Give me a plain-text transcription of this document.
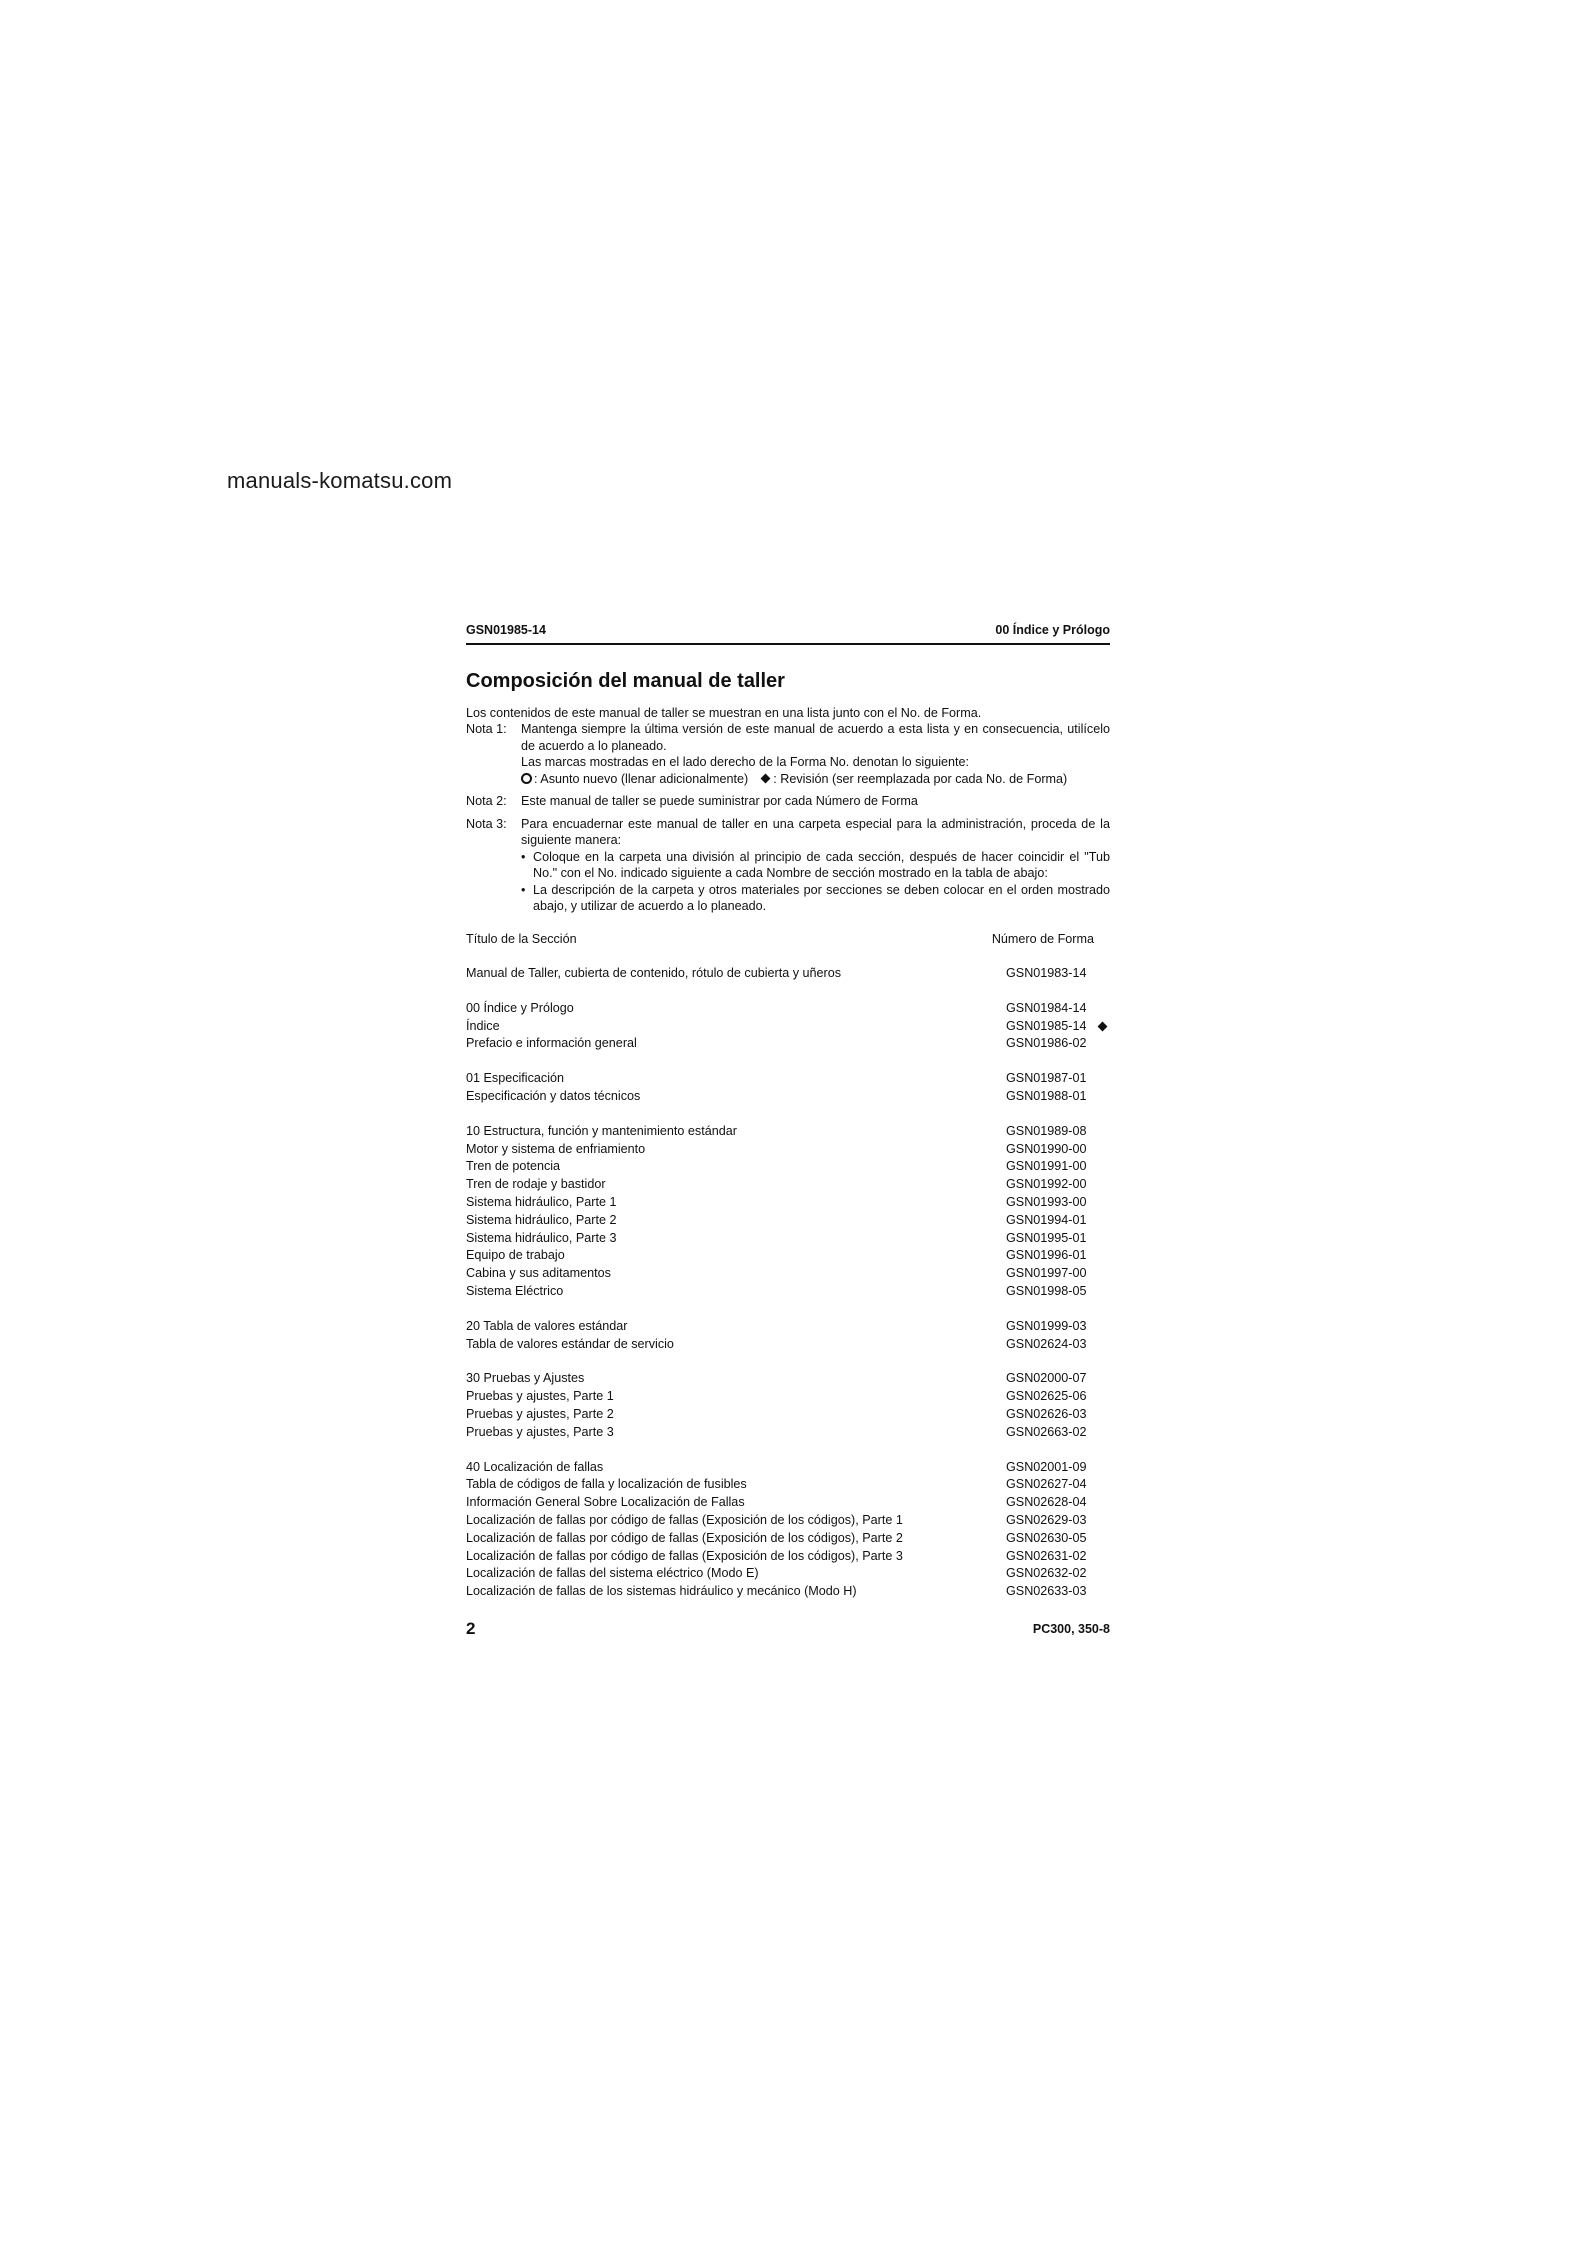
manuals-komatsu.com
GSN01985-14	00 Índice y Prólogo
Composición del manual de taller

Los contenidos de este manual de taller se muestran en una lista junto con el No. de Forma.

Nota 1:	Mantenga siempre la última versión de este manual de acuerdo a esta lista y en consecuencia, utilícelo de acuerdo a lo planeado.

Las marcas mostradas en el lado derecho de la Forma No. denotan lo siguiente:

: Asunto nuevo (llenar adicionalmente) : Revisión (ser reemplazada por cada No. de Forma)

Nota 2:	Este manual de taller se puede suministrar por cada Número de Forma

Nota 3:	Para encuadernar este manual de taller en una carpeta especial para la administración, proceda de la siguiente manera:

• Coloque en la carpeta una división al principio de cada sección, después de hacer coincidir el "Tub No." con el No. indicado siguiente a cada Nombre de sección mostrado en la tabla de abajo:
• La descripción de la carpeta y otros materiales por secciones se deben colocar en el orden mostrado abajo, y utilizar de acuerdo a lo planeado.
Título de la Sección	Número de Forma
Manual de Taller, cubierta de contenido, rótulo de cubierta y uñeros	GSN01983-14	

00 Índice y Prólogo	GSN01984-14	
Índice	GSN01985-14	
Prefacio e información general	GSN01986-02	

01 Especificación	GSN01987-01	
Especificación y datos técnicos	GSN01988-01	

10 Estructura, función y mantenimiento estándar	GSN01989-08	
Motor y sistema de enfriamiento	GSN01990-00	
Tren de potencia	GSN01991-00	
Tren de rodaje y bastidor	GSN01992-00	
Sistema hidráulico, Parte 1	GSN01993-00	
Sistema hidráulico, Parte 2	GSN01994-01	
Sistema hidráulico, Parte 3	GSN01995-01	
Equipo de trabajo	GSN01996-01	
Cabina y sus aditamentos	GSN01997-00	
Sistema Eléctrico	GSN01998-05	

20 Tabla de valores estándar	GSN01999-03	
Tabla de valores estándar de servicio	GSN02624-03	

30 Pruebas y Ajustes	GSN02000-07	
Pruebas y ajustes, Parte 1	GSN02625-06	
Pruebas y ajustes, Parte 2	GSN02626-03	
Pruebas y ajustes, Parte 3	GSN02663-02	

40 Localización de fallas	GSN02001-09	
Tabla de códigos de falla y localización de fusibles	GSN02627-04	
Información General Sobre Localización de Fallas	GSN02628-04	
Localización de fallas por código de fallas (Exposición de los códigos), Parte 1	GSN02629-03	
Localización de fallas por código de fallas (Exposición de los códigos), Parte 2	GSN02630-05	
Localización de fallas por código de fallas (Exposición de los códigos), Parte 3	GSN02631-02	
Localización de fallas del sistema eléctrico (Modo E)	GSN02632-02	
Localización de fallas de los sistemas hidráulico y mecánico (Modo H)	GSN02633-03	
2	PC300, 350-8
